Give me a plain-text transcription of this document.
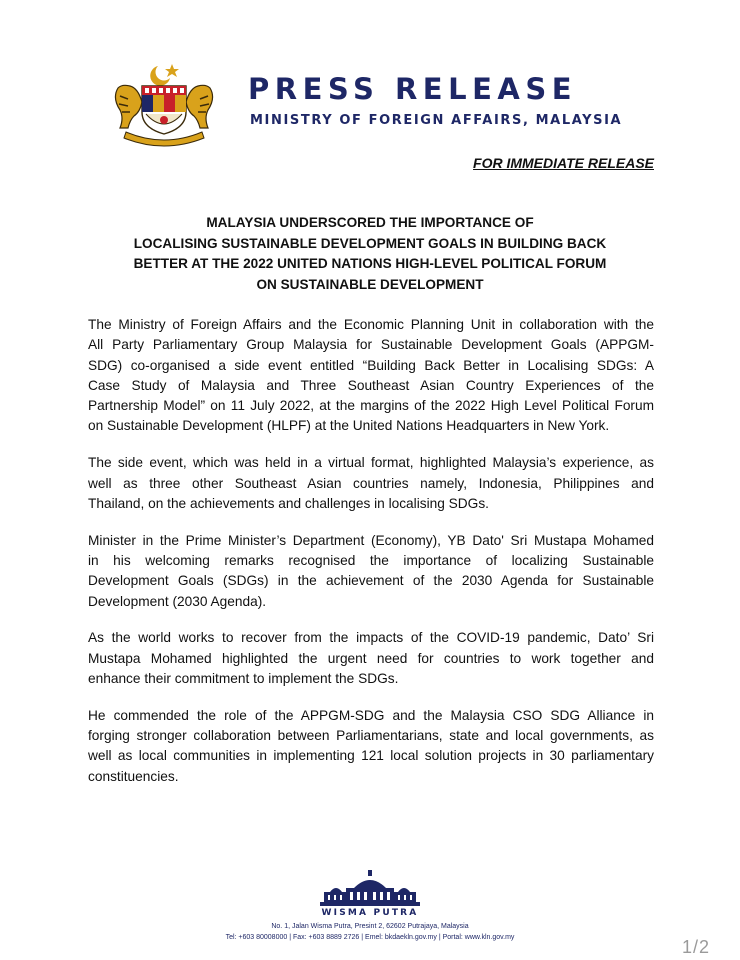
PRESS RELEASE
MINISTRY OF FOREIGN AFFAIRS, MALAYSIA
FOR IMMEDIATE RELEASE
MALAYSIA UNDERSCORED THE IMPORTANCE OF
LOCALISING SUSTAINABLE DEVELOPMENT GOALS IN BUILDING BACK
BETTER AT THE 2022 UNITED NATIONS HIGH-LEVEL POLITICAL FORUM
ON SUSTAINABLE DEVELOPMENT
The Ministry of Foreign Affairs and the Economic Planning Unit in collaboration with the
All Party Parliamentary Group Malaysia for Sustainable Development Goals (APPGM-
SDG) co-organised a side event entitled “Building Back Better in Localising SDGs: A
Case Study of Malaysia and Three Southeast Asian Country Experiences of the
Partnership Model” on 11 July 2022, at the margins of the 2022 High Level Political Forum
on Sustainable Development (HLPF) at the United Nations Headquarters in New York.
The side event, which was held in a virtual format, highlighted Malaysia’s experience, as
well as three other Southeast Asian countries namely, Indonesia, Philippines and
Thailand, on the achievements and challenges in localising SDGs.
Minister in the Prime Minister’s Department (Economy), YB Dato' Sri Mustapa Mohamed
in his welcoming remarks recognised the importance of localizing Sustainable
Development Goals (SDGs) in the achievement of the 2030 Agenda for Sustainable
Development (2030 Agenda).
As the world works to recover from the impacts of the COVID-19 pandemic, Dato’ Sri
Mustapa Mohamed highlighted the urgent need for countries to work together and
enhance their commitment to implement the SDGs.
He commended the role of the APPGM-SDG and the Malaysia CSO SDG Alliance in
forging stronger collaboration between Parliamentarians, state and local governments, as
well as local communities in implementing 121 local solution projects in 30 parliamentary
constituencies.
WISMA PUTRA
No. 1, Jalan Wisma Putra, Presint 2, 62602 Putrajaya, Malaysia
Tel: +603 80008000 | Fax: +603 8889 2726 | Emel: bkdaekln.gov.my | Portal: www.kln.gov.my	1/2
